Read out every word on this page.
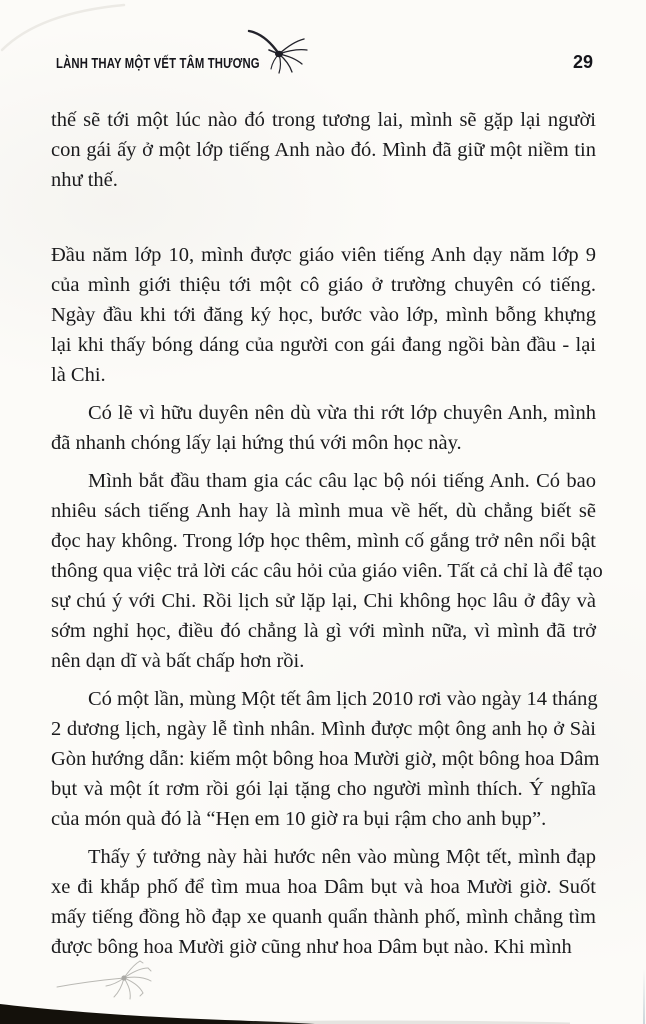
LÀNH THAY MỘT VẾT TÂM THƯƠNG	29
thế sẽ tới một lúc nào đó trong tương lai, mình sẽ gặp lại người
con gái ấy ở một lớp tiếng Anh nào đó. Mình đã giữ một niềm tin
như thế.
Đầu năm lớp 10, mình được giáo viên tiếng Anh dạy năm lớp 9
của mình giới thiệu tới một cô giáo ở trường chuyên có tiếng.
Ngày đầu khi tới đăng ký học, bước vào lớp, mình bỗng khựng
lại khi thấy bóng dáng của người con gái đang ngồi bàn đầu - lại
là Chi.
Có lẽ vì hữu duyên nên dù vừa thi rớt lớp chuyên Anh, mình
đã nhanh chóng lấy lại hứng thú với môn học này.
Mình bắt đầu tham gia các câu lạc bộ nói tiếng Anh. Có bao
nhiêu sách tiếng Anh hay là mình mua về hết, dù chẳng biết sẽ
đọc hay không. Trong lớp học thêm, mình cố gắng trở nên nổi bật
thông qua việc trả lời các câu hỏi của giáo viên. Tất cả chỉ là để tạo
sự chú ý với Chi. Rồi lịch sử lặp lại, Chi không học lâu ở đây và
sớm nghỉ học, điều đó chẳng là gì với mình nữa, vì mình đã trở
nên dạn dĩ và bất chấp hơn rồi.
Có một lần, mùng Một tết âm lịch 2010 rơi vào ngày 14 tháng
2 dương lịch, ngày lễ tình nhân. Mình được một ông anh họ ở Sài
Gòn hướng dẫn: kiếm một bông hoa Mười giờ, một bông hoa Dâm
bụt và một ít rơm rồi gói lại tặng cho người mình thích. Ý nghĩa
của món quà đó là “Hẹn em 10 giờ ra bụi rậm cho anh bụp”.
Thấy ý tưởng này hài hước nên vào mùng Một tết, mình đạp
xe đi khắp phố để tìm mua hoa Dâm bụt và hoa Mười giờ. Suốt
mấy tiếng đồng hồ đạp xe quanh quẩn thành phố, mình chẳng tìm
được bông hoa Mười giờ cũng như hoa Dâm bụt nào. Khi mình
